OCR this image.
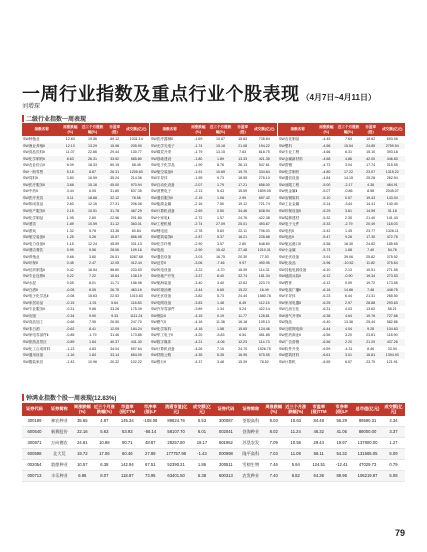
一周行业指数及重点行业个股表现 （4月7日~4月11日）
刘增琛
二级行业指数一周表现
指数名称	周涨跌幅(%)	近三个月涨跌幅(%)	市盈率(倍)	成交额(亿元)
SW种植业	12.83	19.56	89.12	1031.14
SW渔业养殖Ⅱ	12.13	13.29	15.98	205.90
SW食品饮料Ⅱ	11.07	22.86	29.44	130.77
SW化学制药Ⅱ	8.63	26.31	33.52	585.80
SW农业综合Ⅱ	6.09	18.33	80.15	58.45
SW一般零售	5.15	8.87	26.31	1205.60
SW饲料Ⅱ	3.80	16.59	35.24	214.36
SW医疗服务Ⅱ	3.68	15.16	45.00	970.94
SW中药Ⅱ	3.44	6.05	31.80	637.35
SW医疗美容	3.11	18.68	32.12	78.56
SW休闲食品	2.60	12.16	27.31	206.08
SW房产服务Ⅱ	2.15	10.51	31.78	467.29
SW化学制品	1.95	2.60	22.96	291.80
SW酒类	1.89	10.59	31.12	363.01
SW游戏	1.32	5.78	33.38	60.84
SW航空装备Ⅱ	1.25	0.26	15.57	856.95
SW电力设备Ⅱ	1.15	12.24	45.59	331.13
SW酒店餐饮	0.99	9.56	28.06	109.16
SW养殖业	0.66	3.80	26.51	5287.68
SW环保Ⅱ	0.45	2.47	12.05	412.44
SW纺织制造Ⅱ	0.42	16.54	58.60	233.53
SW专业连锁Ⅱ	0.22	7.22	15.64	138.19
SW水泥	0.05	8.01	11.71	156.98
SW白酒Ⅱ	-0.05	8.05	26.75	463.16
SW电子化学品Ⅱ	-0.08	15.63	22.53	1010.83
SW家居用品	-0.15	-1.91	5.64	118.83
SW专业服务Ⅱ	-0.31	9.66	33.26	175.39
SW出版	-0.34	9.90	9.33	1111.24
SW食品加工	-0.66	7.95	26.50	247.70
SW非白酒	-0.62	8.41	12.09	184.24
SW家电零部件Ⅱ	-0.85	-1.79	31.46	173.85
SW旅游及景区	-0.89	1.64	40.37	441.30
SW化工合成材料	-1.13	4.83	34.04	697.64
SW通用设备	-1.16	1.84	33.14	654.09
SW服装家纺	-1.43	10.96	20.32	102.22
指数名称	周涨跌幅(%)	近三个月涨跌幅(%)	市盈率(倍)	成交额(亿元)
SW医疗器械Ⅱ	-1.69	10.87	15.83	735.84
SW光学光电子	-1.74	15.18	21.08	194.22
SW煤炭开采	-1.79	13.15	7.63	818.75
SW基础建设	-1.80	1.89	13.33	421.35
SW电子化学品	-1.90	8.76	28.13	547.61
SW航空装备Ⅱ	-1.91	10.69	19.70	334.64
SW半导体	-1.95	9.73	18.55	276.10
SW自动化设备	-2.07	1.79	17.21	656.00
SW消费电子	-2.13	5.43	15.59	1809.05
SW通信服务Ⅱ	-2.15	1.06	2.99	697.42
SW能源金属	-2.16	7.50	19.12	721.74
SW计算机设备	-2.69	0.50	34.46	638.94
SW小家电Ⅱ	-2.72	1.57	24.76	422.38
SW工程机械	-2.74	27.09	25.01	493.67
SW锂电池	-2.78	5.60	22.11	706.03
SW建筑装饰Ⅱ	-2.87	5.37	18.21	235.88
SW化学纤维	-2.90	3.57	2.80	648.80
SW电池	-2.90	15.42	27.48	1010.31
SW通信设备	-3.03	16.75	20.30	77.53
SW证券Ⅱ	-3.06	-7.46	9.97	490.95
SW风电设备	-3.22	-4.70	15.39	114.31
SW房地产开发	-3.37	8.40	32.74	181.34
SW航海装备	-3.40	3.40	12.63	223.70
SW环境治理	-3.44	6.65	15.22	16.49
SW光伏设备	-3.82	5.73	24.44	1580.78
SW电网设备	-3.83	1.48	8.45	112.15
SW汽车零部件	-3.89	1.34	5.24	422.14
SW保险Ⅱ	-4.15	0.19	11.77	128.81
SW燃气Ⅱ	-4.16	11.36	16.18	105.13
SW化学原料	-4.18	1.58	15.65	124.46
SW军工电子Ⅱ	-4.20	-5.83	6.54	451.85
SW数字媒体	-4.21	-4.06	12.23	114.73
SW计算机设备	-4.26	7.15	24.70	1526.75
SW铁路公路	-4.35	5.35	16.95	975.55
SW银行Ⅱ	-4.37	3.48	15.39	78.52
指数名称	周涨跌幅(%)	近三个月涨跌幅(%)	市盈率(倍)	成交额(亿元)
SW农化制品	-4.45	7.64	16.62	693.06
SW塑料	-4.56	15.54	24.85	2759.54
SW专业工程	-4.66	6.31	15.10	393.18
SW金属新材料	-4.68	4.86	42.00	446.83
SW普钢	-4.73	3.94	17.74	315.55
SW化学制药	-4.80	17.22	23.07	1315.22
SW通信设备	-4.84	14.15	25.28	262.94
SW油服工程	-5.00	-2.17	4.38	464.91
SW贵金属Ⅱ	-5.07	-0.86	8.58	2045.07
SW冶钢原料	-5.10	0.57	19.43	143.04
SW工业金属	-5.14	-3.61	14.41	140.40
SW环保设备Ⅱ	-5.29	3.61	14.59	31.18
SW装修建材	-5.32	2.35	21.40	141.43
SW电子元件	-5.33	-2.79	20.49	118.03
SW电机Ⅱ	-5.42	1.45	23.77	1326.11
SW电池Ⅱ	-5.47	9.26	17.30	472.76
SW航运港口Ⅱ	-5.58	16.30	24.82	185.65
SW小金属	-5.73	1.68	7.40	54.76
SW光伏设备	-5.91	39.06	25.82	375.92
SW化妆品	-5.96	-10.52	11.82	375.64
SW其他电源设备	-6.10	2.13	10.51	271.55
SW地面兵装Ⅱ	-6.12	-0.90	19.34	273.53
SW教育	-6.12	0.09	19.72	173.55
SW电视广播Ⅱ	-6.16	14.86	7.48	448.75
SW半导体	-6.23	6.44	21.31	265.50
SW家用电器Ⅱ	-6.25	2.97	28.88	293.63
SW石油石化	-6.31	4.03	13.62	55.21
SW油气开采Ⅱ	-6.38	4.64	19.76	727.66
SW饰品	-6.40	13.36	25.44	582.86
SW互联网电商	-6.44	4.04	9.28	104.63
SW医药商业Ⅱ	-6.56	3.20	23.81	118.90
SW广告营销	-6.56	2.20	21.20	437.26
SW软件开发	-6.59	-4.31	8.46	33.94
SW建筑材料	-6.61	3.01	16.81	1394.93
SW计算机	-6.65	6.57	23.75	121.91
钟鸿业指数个股一周表现(12.83%)
证券代码	证券简称	周涨跌幅(%)	近三个月涨跌幅(%)	市盈率(倍)TTM	市净率(倍)LF	流通市值(亿元)	成交额(亿元)	证券代码	证券简称	周涨跌幅(%)	近三个月涨跌幅(%)	市盈率(倍)TTM	市净率(倍)LF	总市值(亿元)	成交额(亿元)
300189	神农种业	35.65	4.87	145.34	-108.08	89624.76	6.53	300087	荃银高科	9.03	10.63	84.48	56.29	89590.31	4.34
600540	新赛股份	22.16	5.63	53.93	-56.14	58107.70	6.01	002041	登海种业	8.02	11.24	46.32	41.06	88000.00	3.37
300871	万向德农	24.61	10.98	90.71	48.87	28257.80	19.17	601952	苏垦农发	7.09	10.56	29.44	19.97	137800.00	1.27
600598	北大荒	19.72	17.06	60.46	27.89	177757.98	-1.43	000998	隆平高科	7.03	11.08	58.11	54.32	131565.05	5.09
002054	敦煌种业	10.57	6.38	142.94	67.51	52390.21	1.86	300511	雪榕生物	7.46	5.94	124.51	-12.41	47029.73	0.79
000713	丰乐种业	6.95	8.07	118.87	73.95	63401.50	5.38	600313	农发种业	7.40	6.82	64.36	89.96	106219.87	5.08
79
